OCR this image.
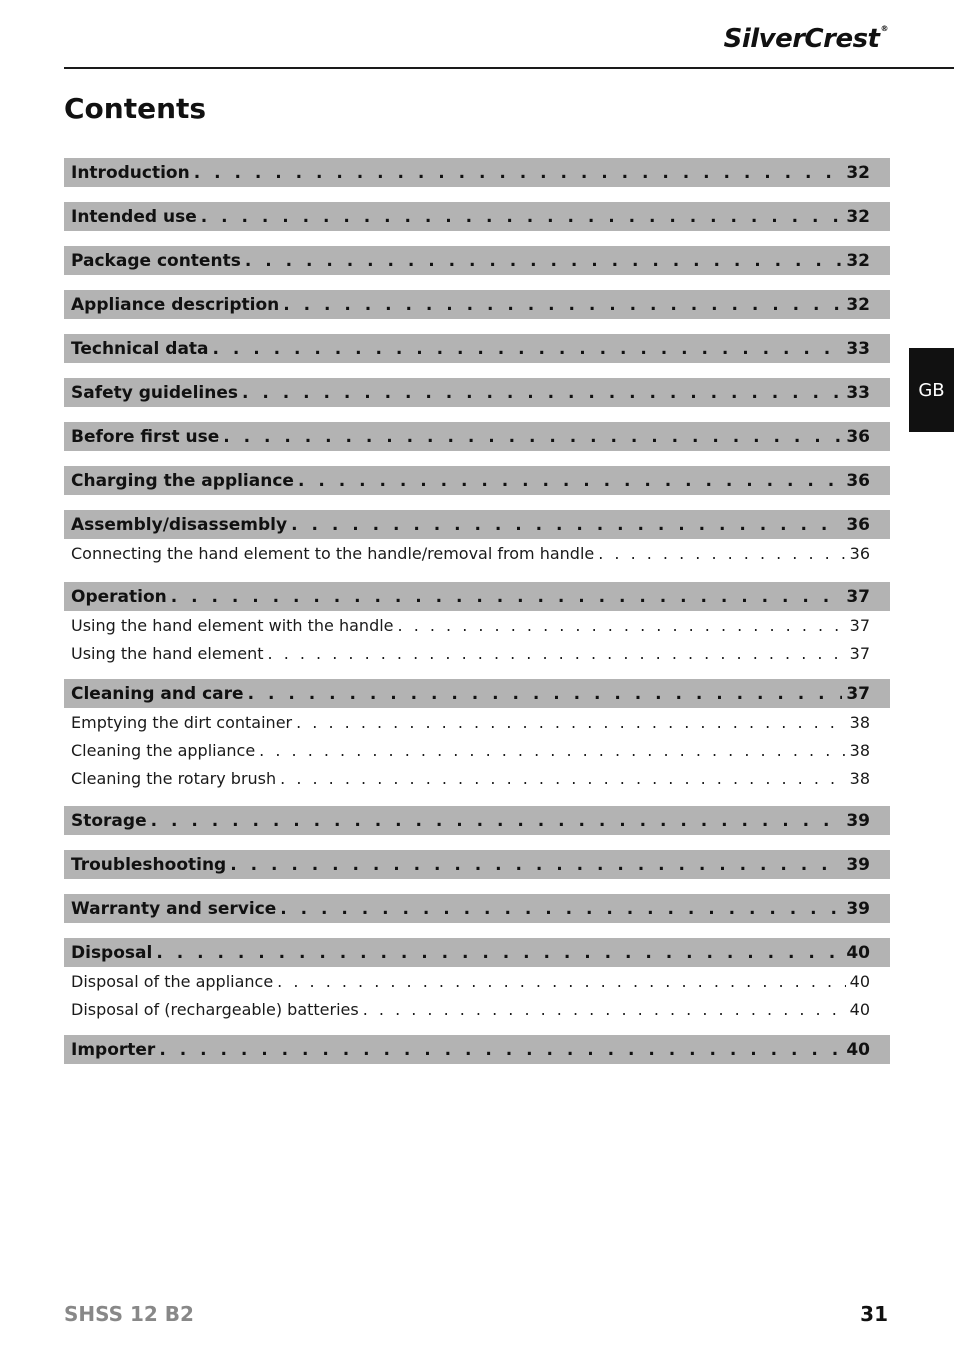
SilverCrest®
Contents
Introduction . . .	32
Intended use . . .	32
Package contents . . .	32
Appliance description . . .	32
Technical data . . .	33
Safety guidelines . . .	33
Before first use . . .	36
Charging the appliance . . .	36
Assembly/disassembly . . .	36
Connecting the hand element to the handle/removal from handle . . .	36
Operation . . .	37
Using the hand element with the handle . . .	37
Using the hand element . . .	37
Cleaning and care . . .	37
Emptying the dirt container . . .	38
Cleaning the appliance . . .	38
Cleaning the rotary brush . . .	38
Storage . . .	39
Troubleshooting . . .	39
Warranty and service . . .	39
Disposal . . .	40
Disposal of the appliance . . .	40
Disposal of (rechargeable) batteries . . .	40
Importer . . .	40
GB
SHSS 12 B2	31
